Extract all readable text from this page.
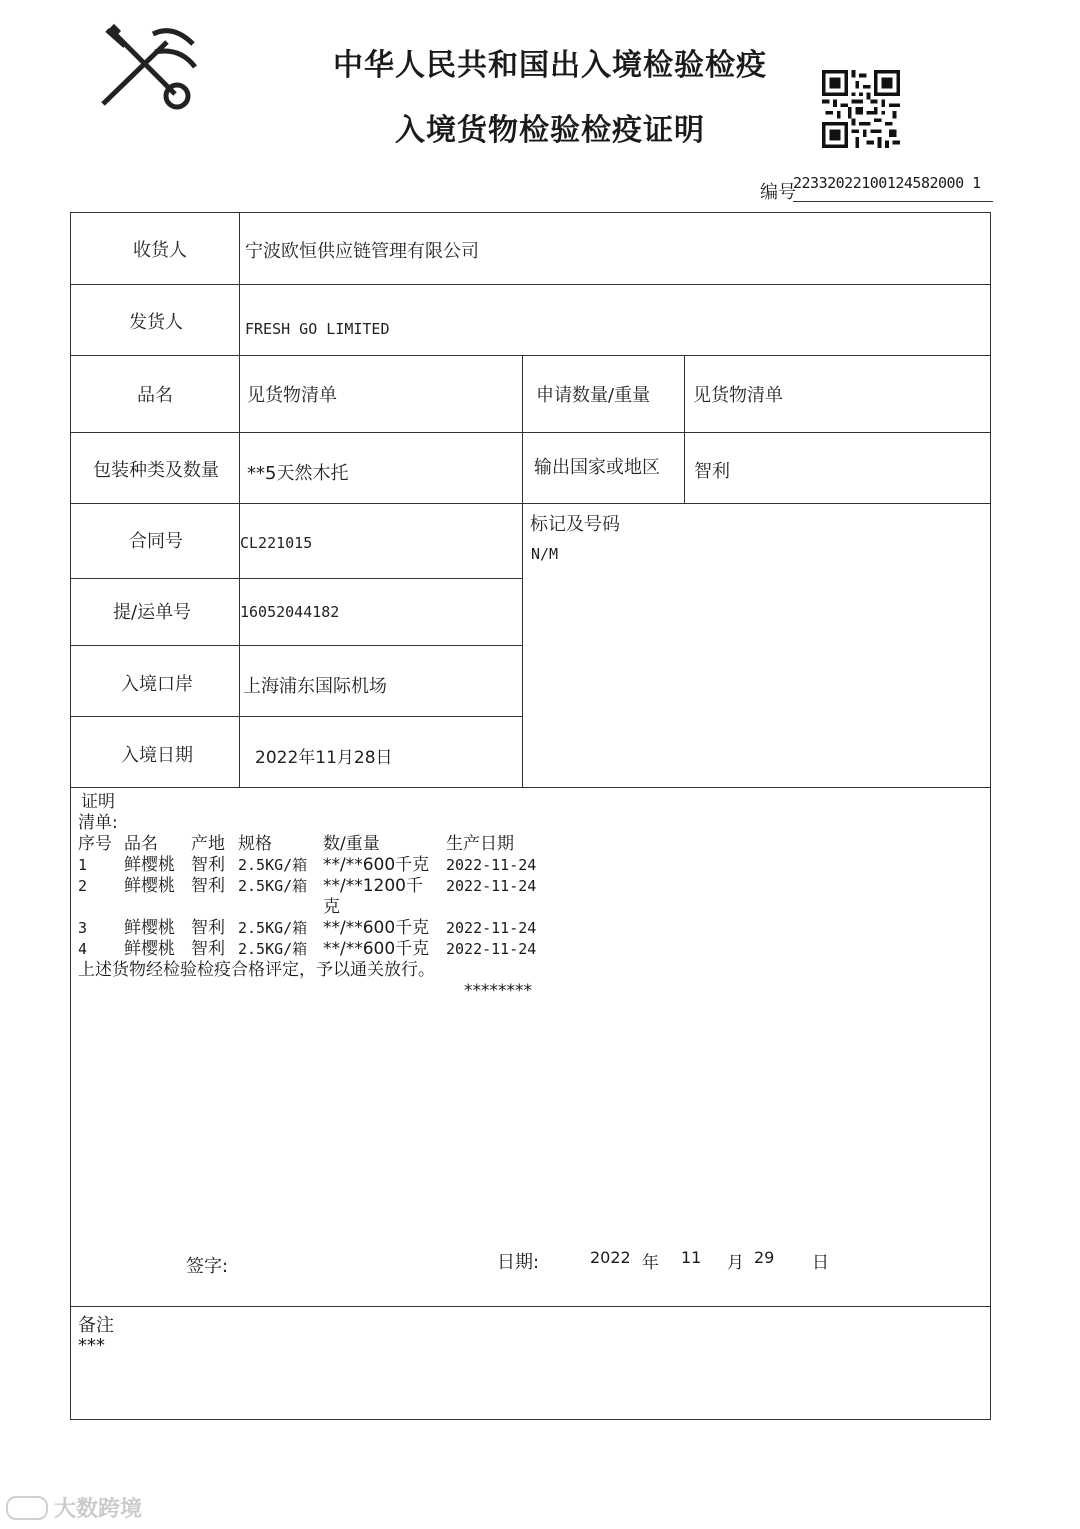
中华人民共和国出入境检验检疫
入境货物检验检疫证明
编号
22332022100124582000 1
收货人	宁波欧恒供应链管理有限公司
发货人	FRESH GO LIMITED
品名	见货物清单	申请数量/重量 见货物清单
包装种类及数量 **5天然木托	输出国家或地区 智利
合同号	CL221015
标记及号码
N/M
提/运单号	16052044182
入境口岸	上海浦东国际机场
入境日期	2022年11月28日
证明
清单:
序号 品名 产地 规格	数/重量	生产日期
1 鲜樱桃 智利 2.5KG/箱 **/**600千克 2022-11-24
2 鲜樱桃 智利 2.5KG/箱 **/**1200千 2022-11-24
克
3 鲜樱桃 智利 2.5KG/箱 **/**600千克 2022-11-24
4 鲜樱桃 智利 2.5KG/箱 **/**600千克 2022-11-24
上述货物经检验检疫合格评定，予以通关放行。
********
签字:	日期:	2022 年 11 月 29 日
备注
***
大数跨境
